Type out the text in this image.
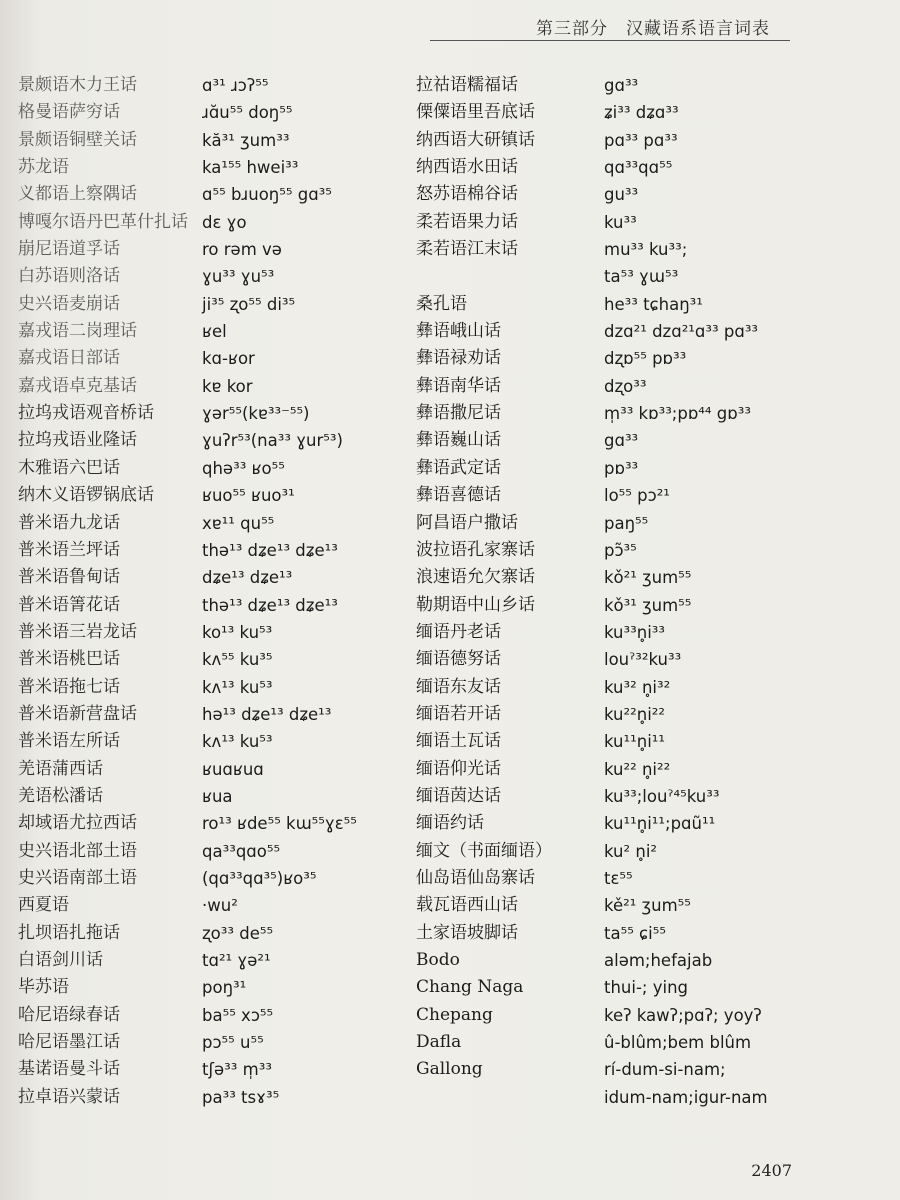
第三部分　汉藏语系语言词表
景颇语木力王话
格曼语萨穷话
景颇语铜壁关话
苏龙语
义都语上察隅话
博嘎尔语丹巴革什扎话
崩尼语道孚话
白苏语则洛话
史兴语麦崩话
嘉戎语二岗理话
嘉戎语日部话
嘉戎语卓克基话
拉坞戎语观音桥话
拉坞戎语业隆话
木雅语六巴话
纳木义语锣锅底话
普米语九龙话
普米语兰坪话
普米语鲁甸话
普米语箐花话
普米语三岩龙话
普米语桃巴话
普米语拖七话
普米语新营盘话
普米语左所话
羌语蒲西话
羌语松潘话
却域语尤拉西话
史兴语北部土语
史兴语南部土语
西夏语
扎坝语扎拖话
白语剑川话
毕苏语
哈尼语绿春话
哈尼语墨江话
基诺语曼斗话
拉卓语兴蒙话
ɑ³¹ ɹɔʔ⁵⁵
ɹɑ̆u⁵⁵ doŋ⁵⁵
kă³¹ ʒum³³
ka¹⁵⁵ hwei³³
ɑ⁵⁵ bɹuoŋ⁵⁵ gɑ³⁵
dɛ ɣo
ro rəm və
ɣu³³ ɣu⁵³
ji³⁵ ʐo⁵⁵ di³⁵
ʁel
kɑ-ʁor
kɐ kor
ɣər⁵⁵(kɐ³³⁻⁵⁵)
ɣuʔr⁵³(na³³ ɣur⁵³)
qhə³³ ʁo⁵⁵
ʁuo⁵⁵ ʁuo³¹
xɐ¹¹ qu⁵⁵
thə¹³ dʑe¹³ dʑe¹³
dʑe¹³ dʑe¹³
thə¹³ dʑe¹³ dʑe¹³
ko¹³ ku⁵³
kʌ⁵⁵ ku³⁵
kʌ¹³ ku⁵³
hə¹³ dʑe¹³ dʑe¹³
kʌ¹³ ku⁵³
ʁuɑʁuɑ
ʁua
ro¹³ ʁde⁵⁵ kɯ⁵⁵ɣɛ⁵⁵
qa³³qɑo⁵⁵
(qɑ³³qɑ³⁵)ʁo³⁵
·wu²
ʐo³³ de⁵⁵
tɑ²¹ ɣə²¹
poŋ³¹
ba⁵⁵ xɔ⁵⁵
pɔ⁵⁵ u⁵⁵
tʃə³³ m̩³³
pa³³ tsɤ³⁵
拉祜语糯福话
傈僳语里吾底话
纳西语大研镇话
纳西语水田话
怒苏语棉谷话
柔若语果力话
柔若语江末话
桑孔语
彝语峨山话
彝语禄劝话
彝语南华话
彝语撒尼话
彝语巍山话
彝语武定话
彝语喜德话
阿昌语户撒话
波拉语孔家寨话
浪速语允欠寨话
勒期语中山乡话
缅语丹老话
缅语德努话
缅语东友话
缅语若开话
缅语土瓦话
缅语仰光话
缅语茵达话
缅语约话
缅文（书面缅语）
仙岛语仙岛寨话
载瓦语西山话
土家语坡脚话
Bodo
Chang Naga
Chepang
Dafla
Gallong
gɑ³³
ʑi³³ dʑɑ³³
pɑ³³ pɑ³³
qɑ³³qɑ⁵⁵
gu³³
ku³³
mu³³ ku³³;
ta⁵³ ɣɯ⁵³
he³³ tɕhaŋ³¹
dzɑ²¹ dzɑ²¹ɑ³³ pɑ³³
dʐɒ⁵⁵ pɒ³³
dʐo³³
m̩³³ kɒ³³;pɒ⁴⁴ gɒ³³
gɑ³³
pɒ³³
lo⁵⁵ pɔ²¹
paŋ⁵⁵
pɔ̃³⁵
kǒ²¹ ʒum⁵⁵
kǒ³¹ ʒum⁵⁵
ku³³n̥i³³
louˀ³²ku³³
ku³² n̥i³²
ku²²n̥i²²
ku¹¹n̥i¹¹
ku²² n̥i²²
ku³³;louˀ⁴⁵ku³³
ku¹¹n̥i¹¹;pɑũ¹¹
ku² n̥i²
tɛ⁵⁵
kě²¹ ʒum⁵⁵
ta⁵⁵ ɕi⁵⁵
aləm;hefajab
thui-; ying
keʔ kawʔ;pɑʔ; yoyʔ
û-blûm;bem blûm
rí-dum-si-nam;
idum-nam;igur-nam
2407
